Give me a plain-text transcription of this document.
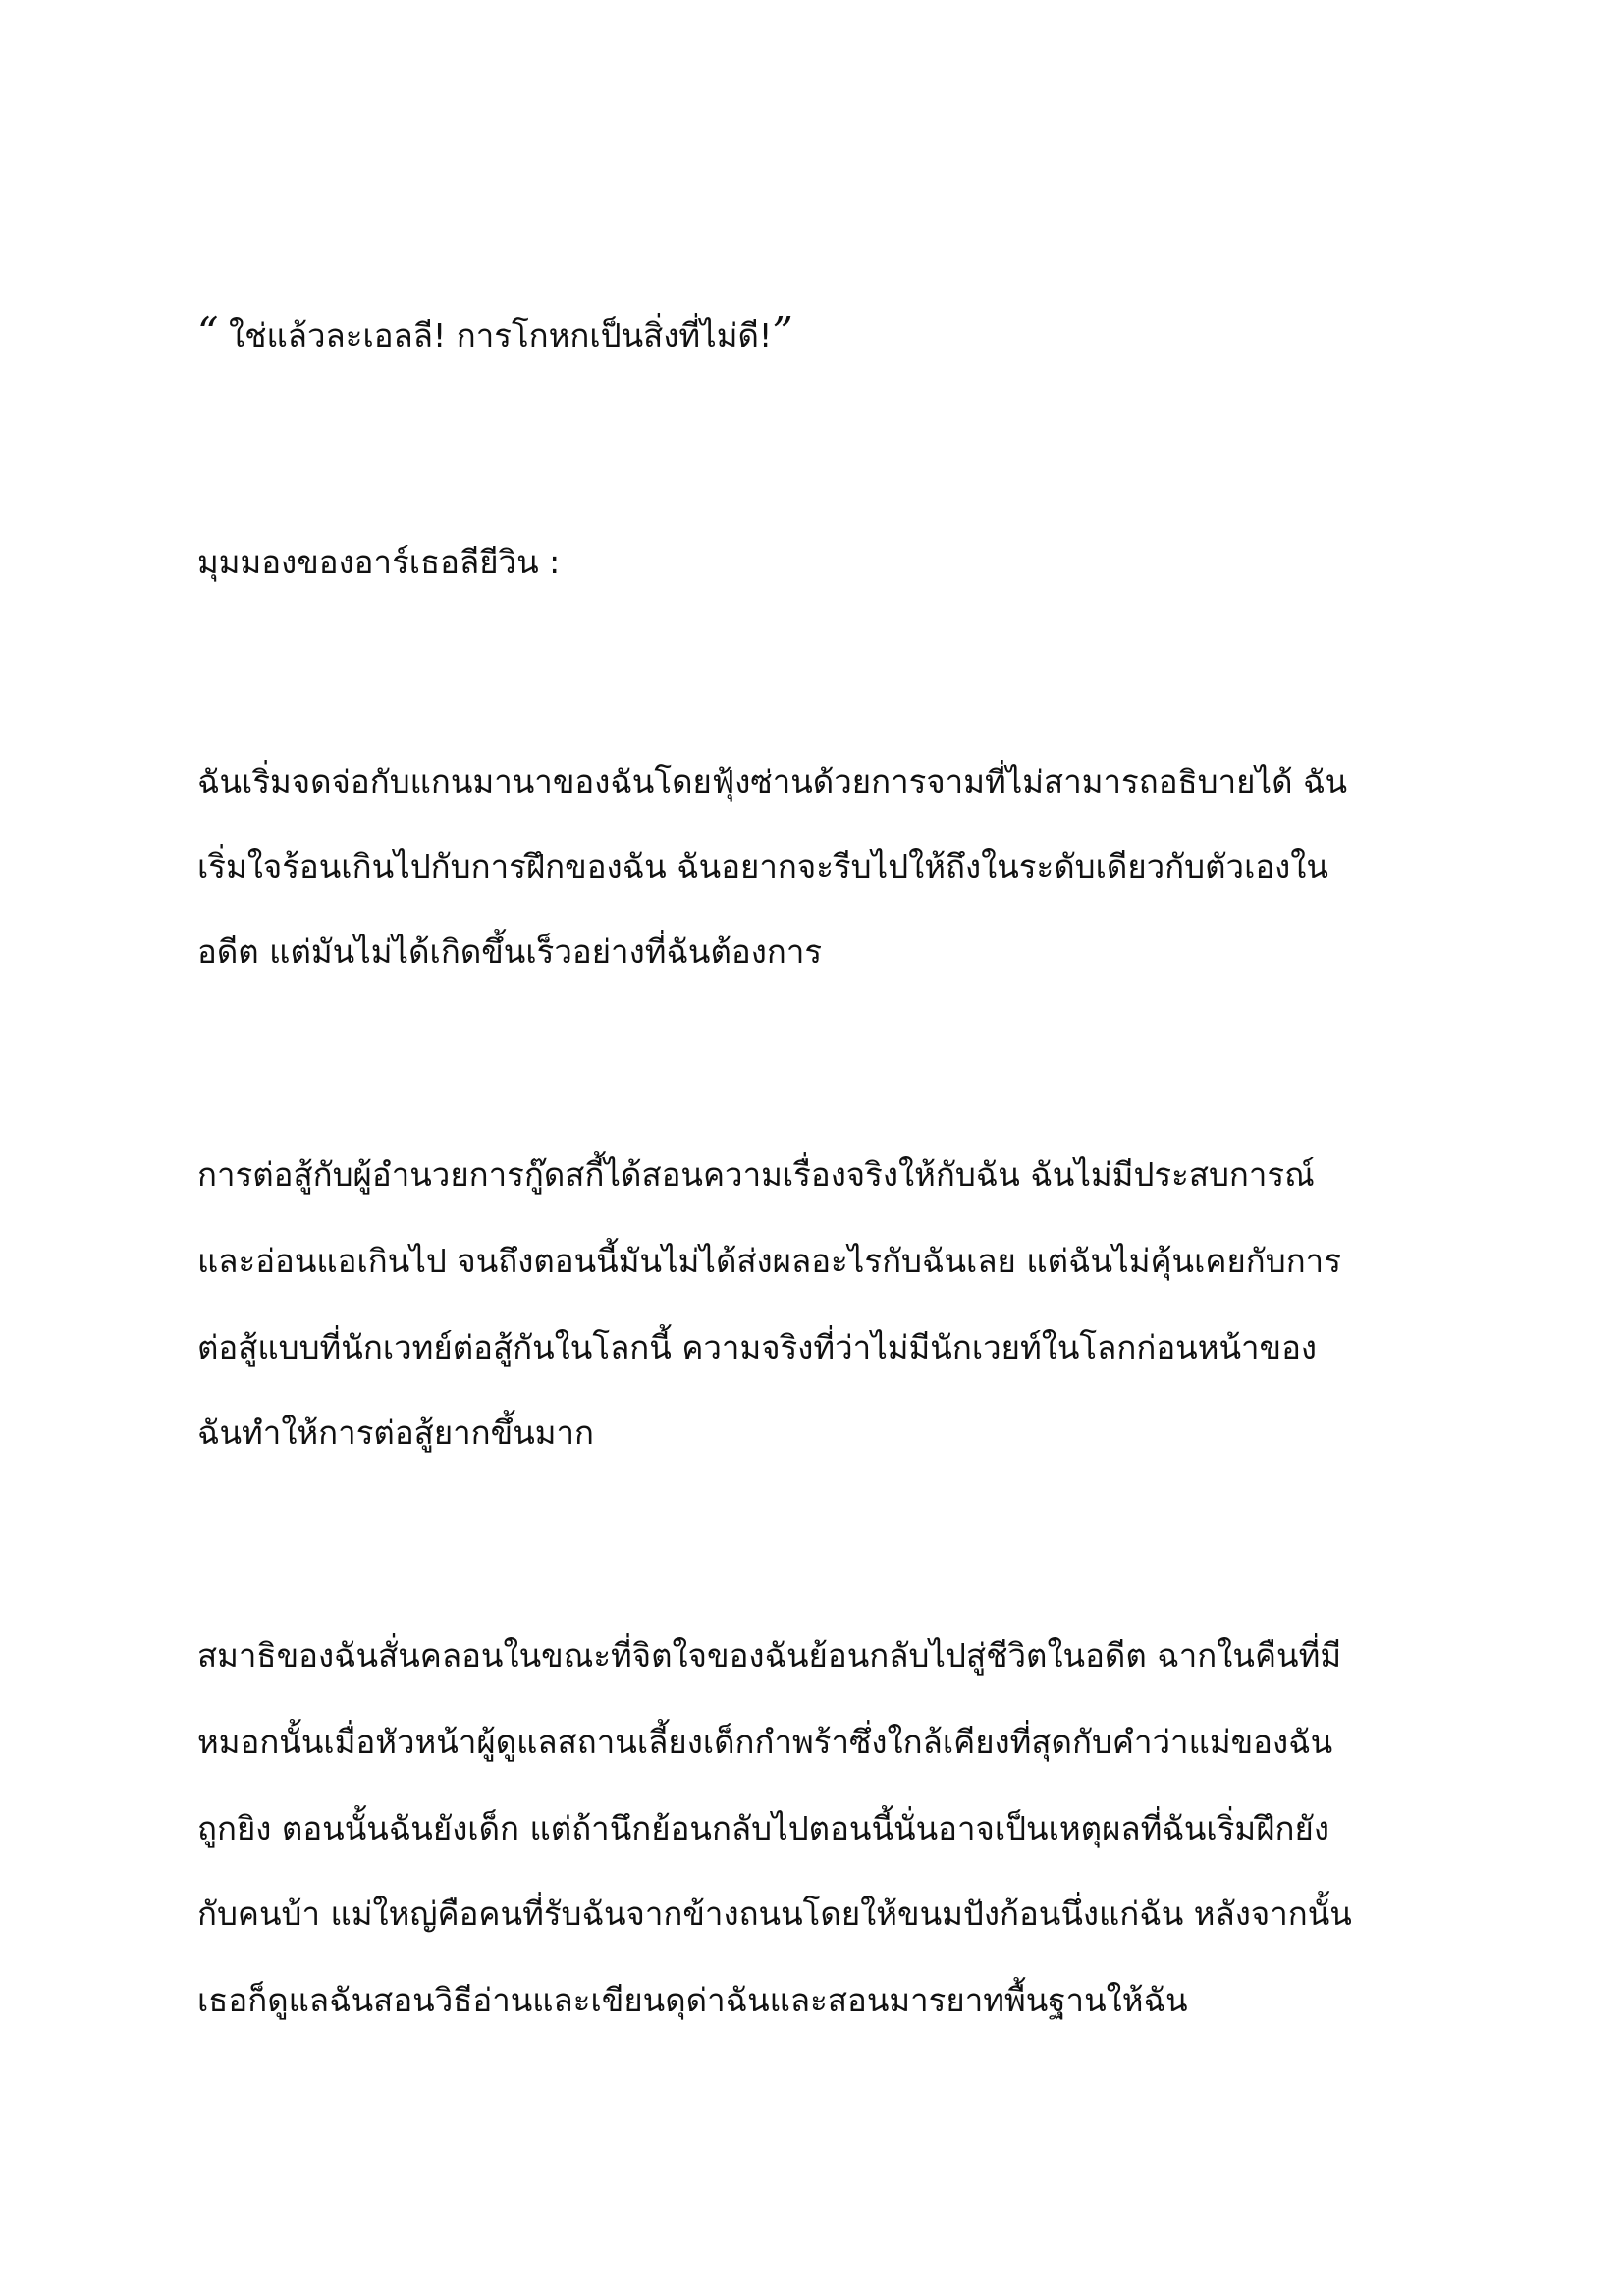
“ ใช่แล้วละเอลลี! การโกหกเป็นสิ่งที่ไม่ดี!”

มุมมองของอาร์เธอลียีวิน :

ฉันเริ่มจดจ่อกับแกนมานาของฉันโดยฟุ้งซ่านด้วยการจามที่ไม่สามารถอธิบายได้ ฉัน

เริ่มใจร้อนเกินไปกับการฝึกของฉัน ฉันอยากจะรีบไปให้ถึงในระดับเดียวกับตัวเองใน

อดีต แต่มันไม่ได้เกิดขึ้นเร็วอย่างที่ฉันต้องการ

การต่อสู้กับผู้อำนวยการกู๊ดสกี้ได้สอนความเรื่องจริงให้กับฉัน ฉันไม่มีประสบการณ์

และอ่อนแอเกินไป จนถึงตอนนี้มันไม่ได้ส่งผลอะไรกับฉันเลย แต่ฉันไม่คุ้นเคยกับการ

ต่อสู้แบบที่นักเวทย์ต่อสู้กันในโลกนี้ ความจริงที่ว่าไม่มีนักเวยท์ในโลกก่อนหน้าของ

ฉันทำให้การต่อสู้ยากขึ้นมาก

สมาธิของฉันสั่นคลอนในขณะที่จิตใจของฉันย้อนกลับไปสู่ชีวิตในอดีต ฉากในคืนที่มี

หมอกนั้นเมื่อหัวหน้าผู้ดูแลสถานเลี้ยงเด็กกำพร้าซึ่งใกล้เคียงที่สุดกับคำว่าแม่ของฉัน

ถูกยิง ตอนนั้นฉันยังเด็ก แต่ถ้านึกย้อนกลับไปตอนนี้นั่นอาจเป็นเหตุผลที่ฉันเริ่มฝึกยัง

กับคนบ้า แม่ใหญ่คือคนที่รับฉันจากข้างถนนโดยให้ขนมปังก้อนนึ่งแก่ฉัน หลังจากนั้น

เธอก็ดูแลฉันสอนวิธีอ่านและเขียนดุด่าฉันและสอนมารยาทพื้นฐานให้ฉัน
